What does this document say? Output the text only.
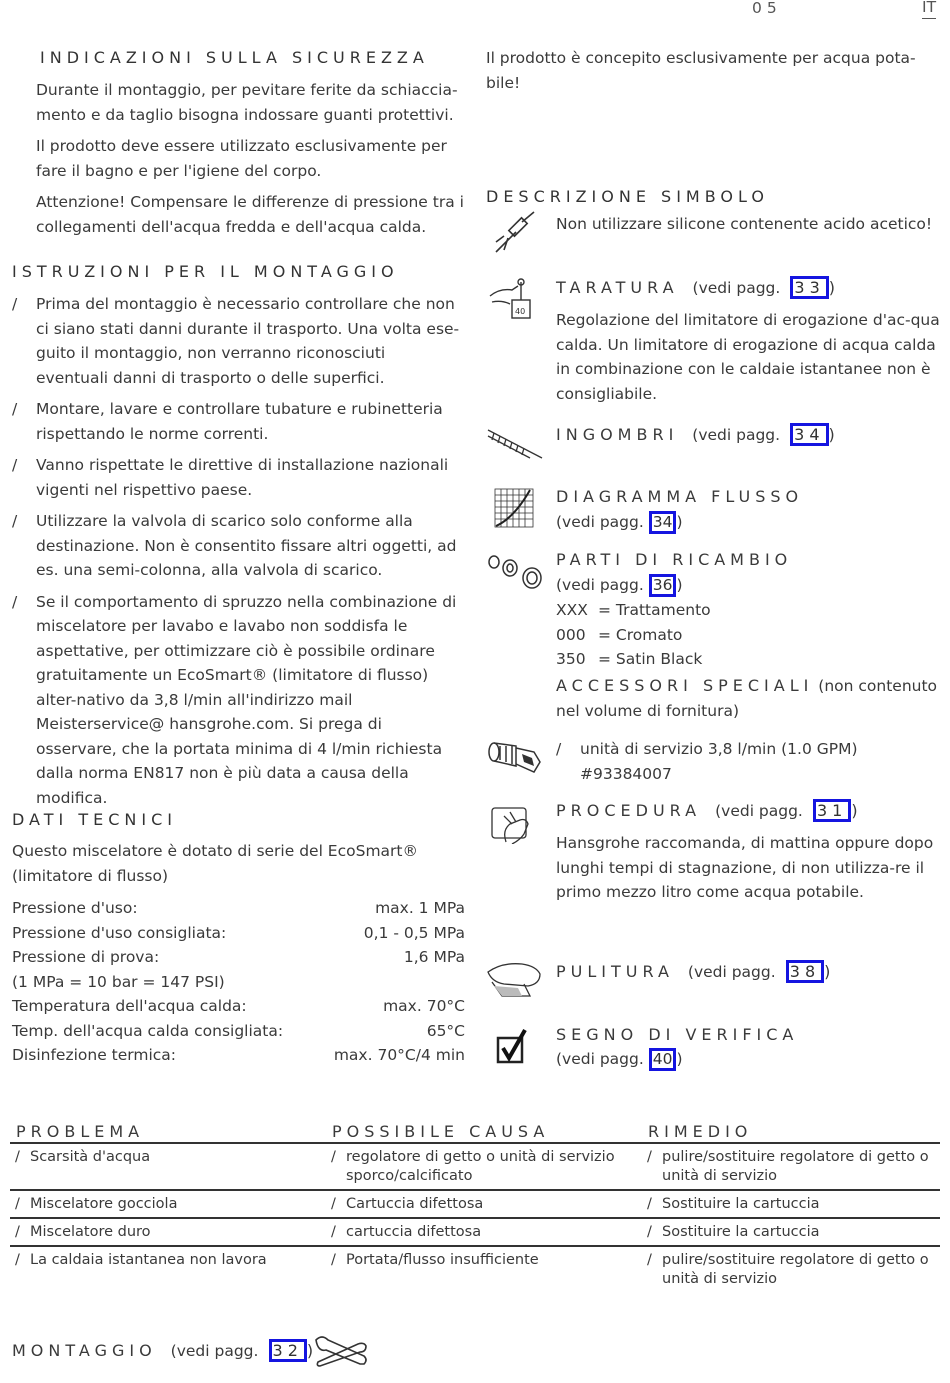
05	IT
INDICAZIONI SULLA SICUREZZA

Durante il montaggio, per pevitare ferite da schiaccia-mento e da taglio bisogna indossare guanti protettivi.

Il prodotto deve essere utilizzato esclusivamente per fare il bagno e per l'igiene del corpo.

Attenzione! Compensare le differenze di pressione tra i collegamenti dell'acqua fredda e dell'acqua calda.

ISTRUZIONI PER IL MONTAGGIO
/ Prima del montaggio è necessario controllare che non ci siano stati danni durante il trasporto. Una volta ese-guito il montaggio, non verranno riconosciuti eventuali danni di trasporto o delle superfici.
/ Montare, lavare e controllare tubature e rubinetteria rispettando le norme correnti.
/ Vanno rispettate le direttive di installazione nazionali vigenti nel rispettivo paese.
/ Utilizzare la valvola di scarico solo conforme alla destinazione. Non è consentito fissare altri oggetti, ad es. una semi-colonna, alla valvola di scarico.
/ Se il comportamento di spruzzo nella combinazione di miscelatore per lavabo e lavabo non soddisfa le aspettative, per ottimizzare ciò è possibile ordinare gratuitamente un EcoSmart® (limitatore di flusso) alter-nativo da 3,8 l/min all'indirizzo mail Meisterservice@ hansgrohe.com. Si prega di osservare, che la portata minima di 4 l/min richiesta dalla norma EN817 non è più data a causa della modifica.
DATI TECNICI
Questo miscelatore è dotato di serie del EcoSmart® (limitatore di flusso)
Pressione d'uso:	max. 1 MPa
Pressione d'uso consigliata:	0,1 - 0,5 MPa
Pressione di prova:	1,6 MPa
(1 MPa = 10 bar = 147 PSI)
Temperatura dell'acqua calda:	max. 70°C
Temp. dell'acqua calda consigliata:	65°C
Disinfezione termica:	max. 70°C/4 min
Il prodotto è concepito esclusivamente per acqua pota-bile!
DESCRIZIONE SIMBOLO
Non utilizzare silicone contenente acido acetico!
40
TARATURA (vedi pagg. 33 )
Regolazione del limitatore di erogazione d'ac-qua calda. Un limitatore di erogazione di acqua calda in combinazione con le caldaie istantanee non è consigliabile.
INGOMBRI (vedi pagg. 34 )
DIAGRAMMA FLUSSO
(vedi pagg. 34 )
PARTI DI RICAMBIO
(vedi pagg. 36 )
XXX = Trattamento
000 = Cromato
350 = Satin Black
ACCESSORI SPECIALI (non contenuto nel volume di fornitura)
/ unità di servizio 3,8 l/min (1.0 GPM)
#93384007
PROCEDURA (vedi pagg. 31 )
Hansgrohe raccomanda, di mattina oppure dopo lunghi tempi di stagnazione, di non utilizza-re il primo mezzo litro come acqua potabile.
PULITURA (vedi pagg. 38 )
SEGNO DI VERIFICA
(vedi pagg. 40 )
PROBLEMA	POSSIBILE CAUSA	RIMEDIO

/ Scarsità d'acqua	/ regolatore di getto o unità di servizio sporco/calcificato	/ pulire/sostituire regolatore di getto o unità di servizio

/ Miscelatore gocciola	/ Cartuccia difettosa	/ Sostituire la cartuccia

/ Miscelatore duro	/ cartuccia difettosa	/ Sostituire la cartuccia

/ La caldaia istantanea non lavora	/ Portata/flusso insufficiente	/ pulire/sostituire regolatore di getto o unità di servizio
MONTAGGIO (vedi pagg. 32 )
